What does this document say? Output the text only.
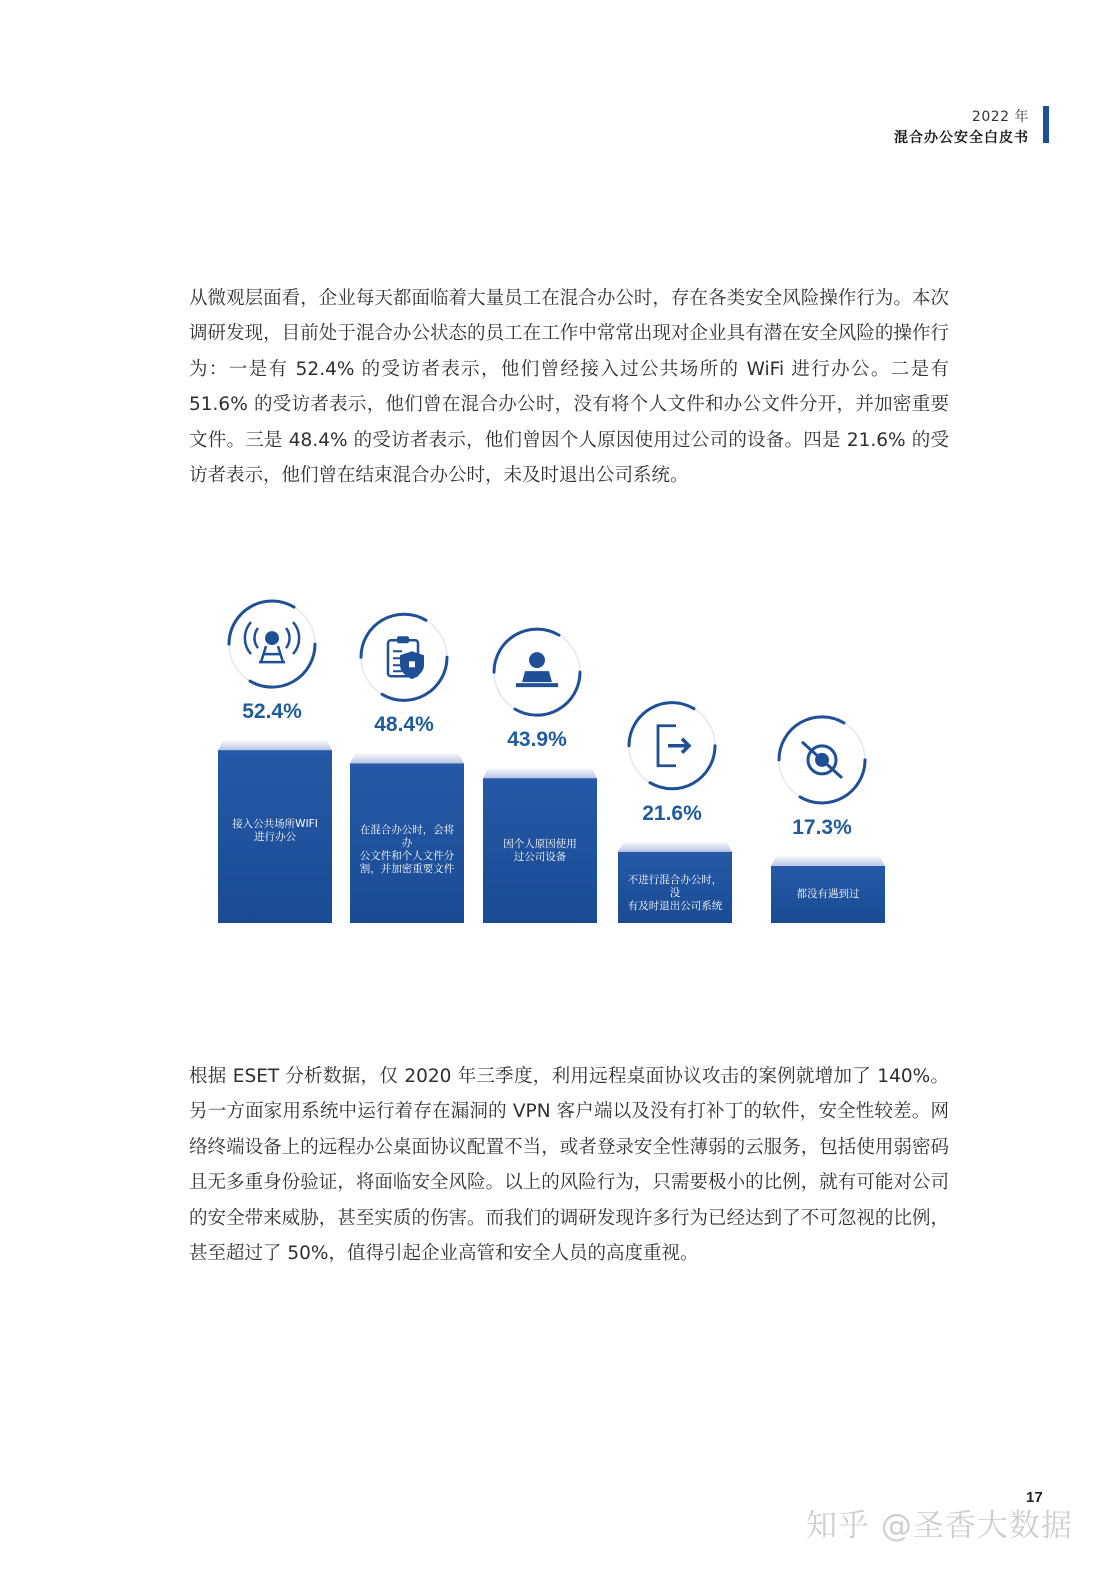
2022 年
混合办公安全白皮书

从微观层面看，企业每天都面临着大量员工在混合办公时，存在各类安全风险操作行为。本次调研发现，目前处于混合办公状态的员工在工作中常常出现对企业具有潜在安全风险的操作行为：一是有 52.4% 的受访者表示，他们曾经接入过公共场所的 WiFi 进行办公。二是有 51.6% 的受访者表示，他们曾在混合办公时，没有将个人文件和办公文件分开，并加密重要文件。三是 48.4% 的受访者表示，他们曾因个人原因使用过公司的设备。四是 21.6% 的受访者表示，他们曾在结束混合办公时，未及时退出公司系统。

52.4%
接入公共场所WIFI
进行办公
48.4%
在混合办公时，会将办
公文件和个人文件分
割，并加密重要文件
43.9%
因个人原因使用
过公司设备
21.6%
不进行混合办公时，没
有及时退出公司系统
17.3%
都没有遇到过

根据 ESET 分析数据，仅 2020 年三季度，利用远程桌面协议攻击的案例就增加了 140%。另一方面家用系统中运行着存在漏洞的 VPN 客户端以及没有打补丁的软件，安全性较差。网络终端设备上的远程办公桌面协议配置不当，或者登录安全性薄弱的云服务，包括使用弱密码且无多重身份验证，将面临安全风险。以上的风险行为，只需要极小的比例，就有可能对公司的安全带来威胁，甚至实质的伤害。而我们的调研发现许多行为已经达到了不可忽视的比例，甚至超过了 50%，值得引起企业高管和安全人员的高度重视。

17
知乎 @圣香大数据
